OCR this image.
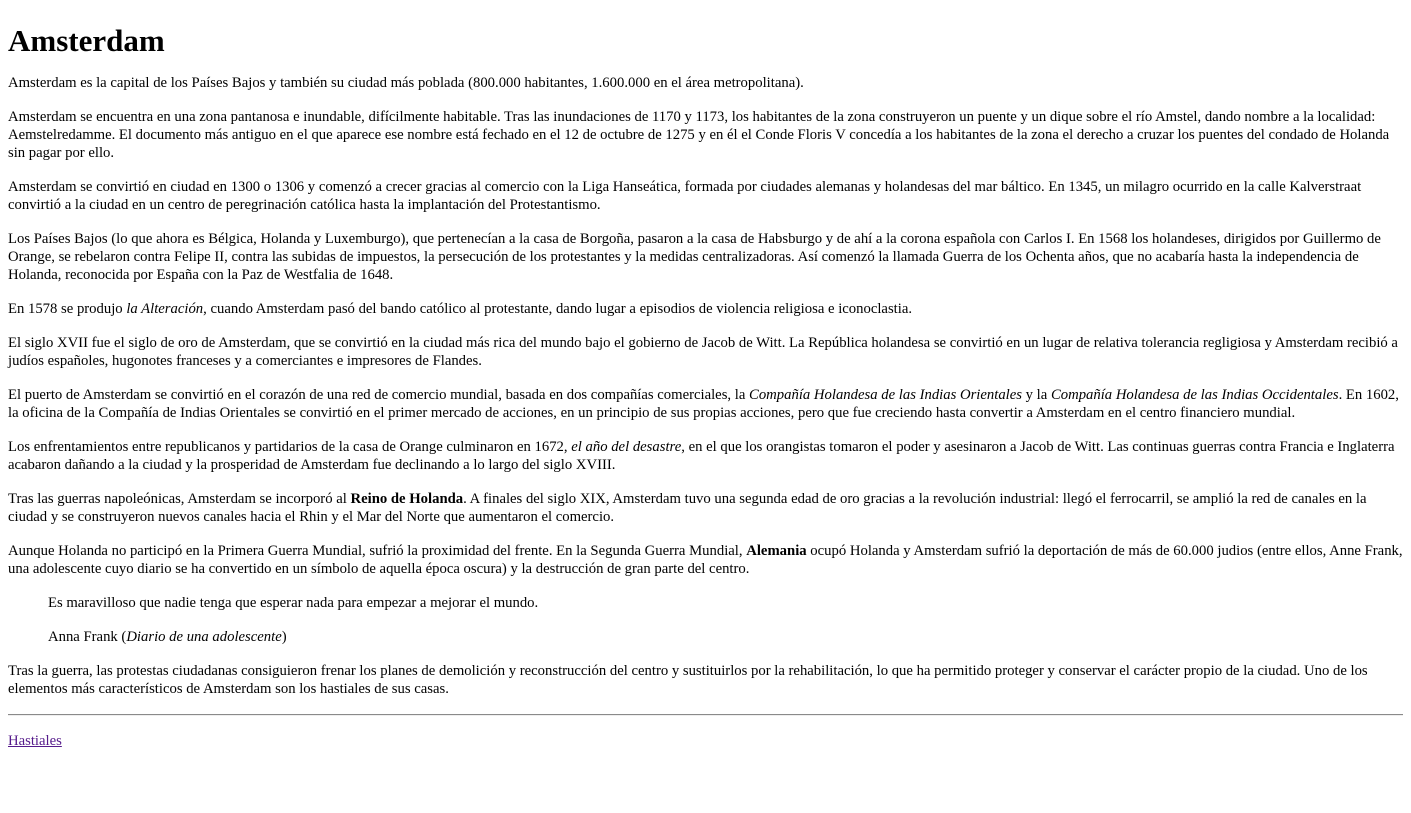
Amsterdam

Amsterdam es la capital de los Países Bajos y también su ciudad más poblada (800.000 habitantes, 1.600.000 en el área metropolitana).

Amsterdam se encuentra en una zona pantanosa e inundable, difícilmente habitable. Tras las inundaciones de 1170 y 1173, los habitantes de la zona construyeron un puente y un dique sobre el río Amstel, dando nombre a la localidad: Aemstelredamme. El documento más antiguo en el que aparece ese nombre está fechado en el 12 de octubre de 1275 y en él el Conde Floris V concedía a los habitantes de la zona el derecho a cruzar los puentes del condado de Holanda sin pagar por ello.

Amsterdam se convirtió en ciudad en 1300 o 1306 y comenzó a crecer gracias al comercio con la Liga Hanseática, formada por ciudades alemanas y holandesas del mar báltico. En 1345, un milagro ocurrido en la calle Kalverstraat convirtió a la ciudad en un centro de peregrinación católica hasta la implantación del Protestantismo.

Los Países Bajos (lo que ahora es Bélgica, Holanda y Luxemburgo), que pertenecían a la casa de Borgoña, pasaron a la casa de Habsburgo y de ahí a la corona española con Carlos I. En 1568 los holandeses, dirigidos por Guillermo de Orange, se rebelaron contra Felipe II, contra las subidas de impuestos, la persecución de los protestantes y la medidas centralizadoras. Así comenzó la llamada Guerra de los Ochenta años, que no acabaría hasta la independencia de Holanda, reconocida por España con la Paz de Westfalia de 1648.

En 1578 se produjo la Alteración, cuando Amsterdam pasó del bando católico al protestante, dando lugar a episodios de violencia religiosa e iconoclastia.

El siglo XVII fue el siglo de oro de Amsterdam, que se convirtió en la ciudad más rica del mundo bajo el gobierno de Jacob de Witt. La República holandesa se convirtió en un lugar de relativa tolerancia regligiosa y Amsterdam recibió a judíos españoles, hugonotes franceses y a comerciantes e impresores de Flandes.

El puerto de Amsterdam se convirtió en el corazón de una red de comercio mundial, basada en dos compañías comerciales, la Compañía Holandesa de las Indias Orientales y la Compañía Holandesa de las Indias Occidentales. En 1602, la oficina de la Compañía de Indias Orientales se convirtió en el primer mercado de acciones, en un principio de sus propias acciones, pero que fue creciendo hasta convertir a Amsterdam en el centro financiero mundial.

Los enfrentamientos entre republicanos y partidarios de la casa de Orange culminaron en 1672, el año del desastre, en el que los orangistas tomaron el poder y asesinaron a Jacob de Witt. Las continuas guerras contra Francia e Inglaterra acabaron dañando a la ciudad y la prosperidad de Amsterdam fue declinando a lo largo del siglo XVIII.

Tras las guerras napoleónicas, Amsterdam se incorporó al Reino de Holanda. A finales del siglo XIX, Amsterdam tuvo una segunda edad de oro gracias a la revolución industrial: llegó el ferrocarril, se amplió la red de canales en la ciudad y se construyeron nuevos canales hacia el Rhin y el Mar del Norte que aumentaron el comercio.

Aunque Holanda no participó en la Primera Guerra Mundial, sufrió la proximidad del frente. En la Segunda Guerra Mundial, Alemania ocupó Holanda y Amsterdam sufrió la deportación de más de 60.000 judios (entre ellos, Anne Frank, una adolescente cuyo diario se ha convertido en un símbolo de aquella época oscura) y la destrucción de gran parte del centro.

Es maravilloso que nadie tenga que esperar nada para empezar a mejorar el mundo.

Anna Frank (Diario de una adolescente)

Tras la guerra, las protestas ciudadanas consiguieron frenar los planes de demolición y reconstrucción del centro y sustituirlos por la rehabilitación, lo que ha permitido proteger y conservar el carácter propio de la ciudad. Uno de los elementos más característicos de Amsterdam son los hastiales de sus casas.

Hastiales
